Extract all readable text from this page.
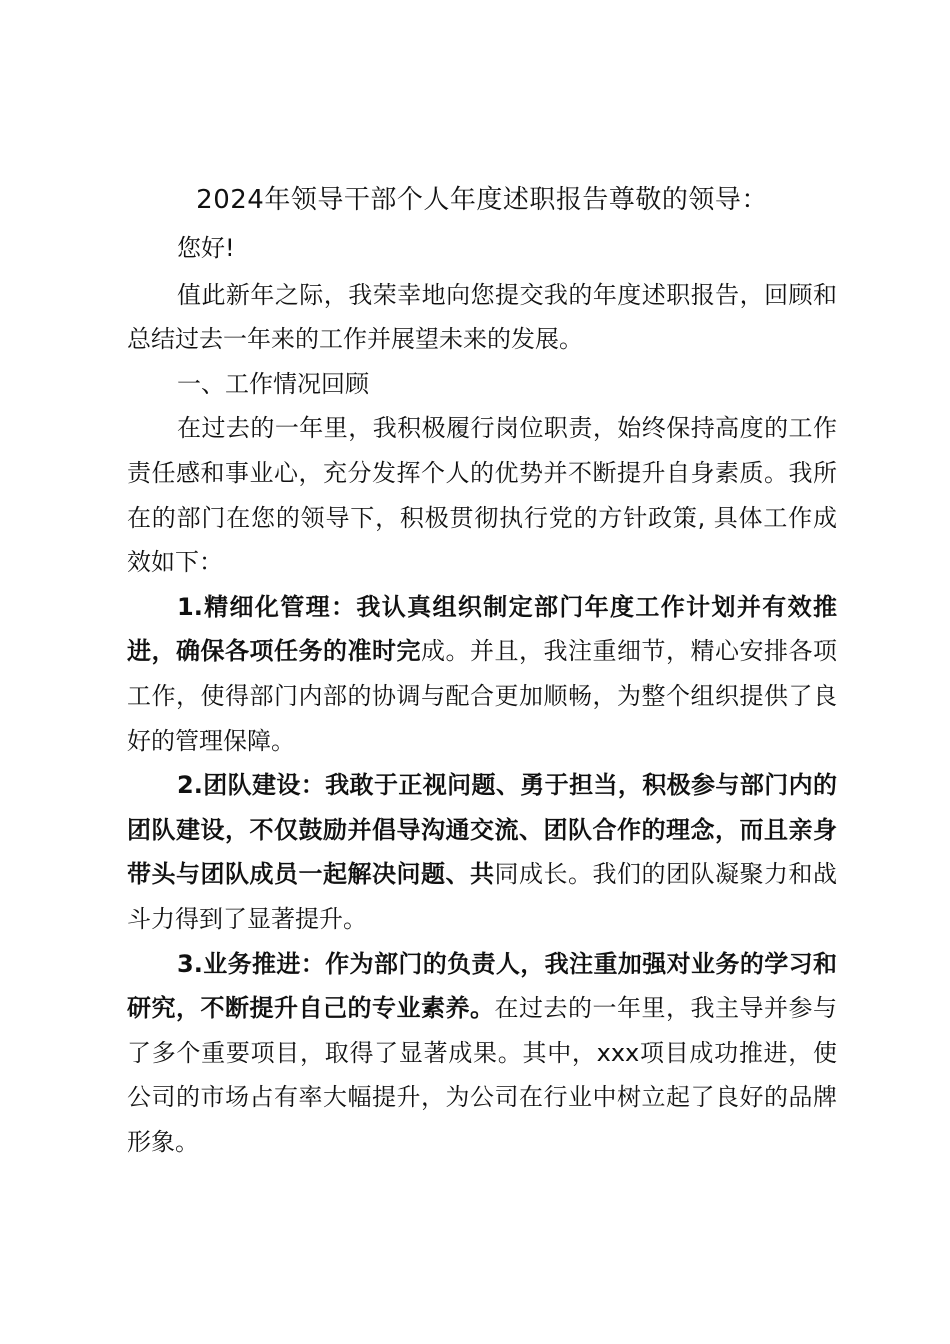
2024年领导干部个人年度述职报告尊敬的领导：

您好!

值此新年之际，我荣幸地向您提交我的年度述职报告，回顾和总结过去一年来的工作并展望未来的发展。

一、工作情况回顾

在过去的一年里，我积极履行岗位职责，始终保持高度的工作责任感和事业心，充分发挥个人的优势并不断提升自身素质。我所在的部门在您的领导下，积极贯彻执行党的方针政策, 具体工作成效如下：

1.精细化管理：我认真组织制定部门年度工作计划并有效推进，确保各项任务的准时完成。并且，我注重细节，精心安排各项工作，使得部门内部的协调与配合更加顺畅，为整个组织提供了良好的管理保障。

2.团队建设：我敢于正视问题、勇于担当，积极参与部门内的团队建设，不仅鼓励并倡导沟通交流、团队合作的理念，而且亲身带头与团队成员一起解决问题、共同成长。我们的团队凝聚力和战斗力得到了显著提升。

3.业务推进：作为部门的负责人，我注重加强对业务的学习和研究，不断提升自己的专业素养。在过去的一年里，我主导并参与了多个重要项目，取得了显著成果。其中，xxx项目成功推进，使公司的市场占有率大幅提升，为公司在行业中树立起了良好的品牌形象。
